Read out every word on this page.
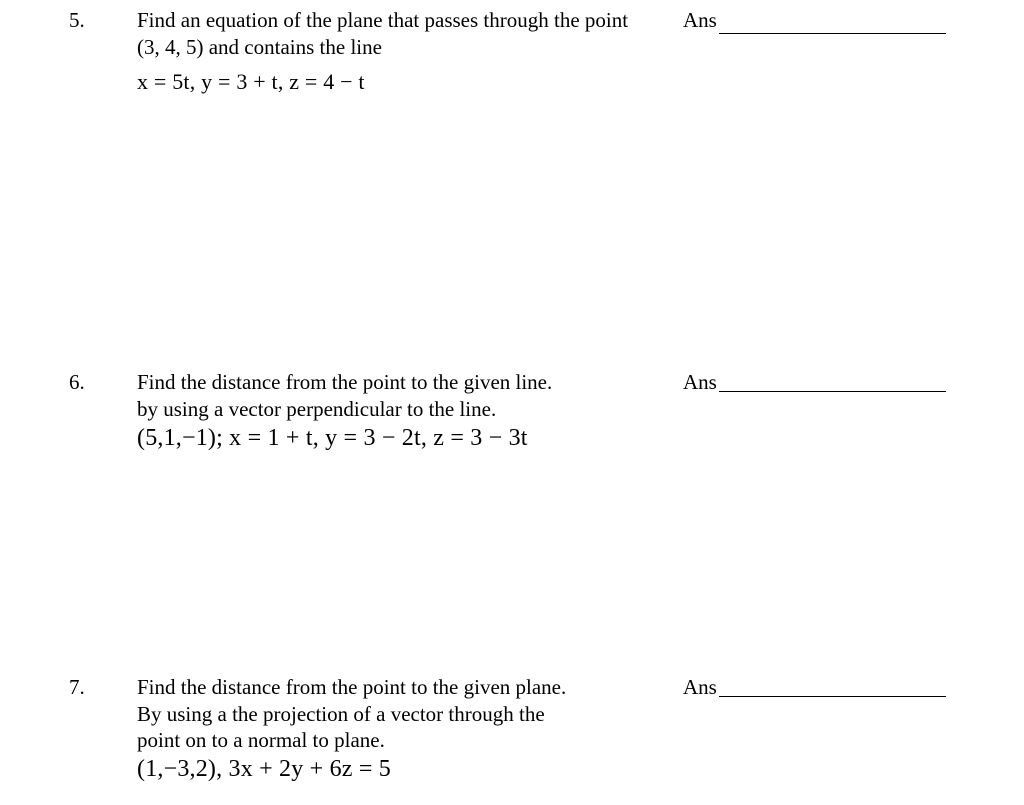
5. Find an equation of the plane that passes through the point
(3, 4, 5) and contains the line
x = 5t, y = 3 + t, z = 4 − t
Ans
6. Find the distance from the point to the given line.
by using a vector perpendicular to the line.
(5,1,−1); x = 1 + t, y = 3 − 2t, z = 3 − 3t
Ans
7. Find the distance from the point to the given plane.
By using a the projection of a vector through the
point on to a normal to plane.
(1,−3,2), 3x + 2y + 6z = 5
Ans
